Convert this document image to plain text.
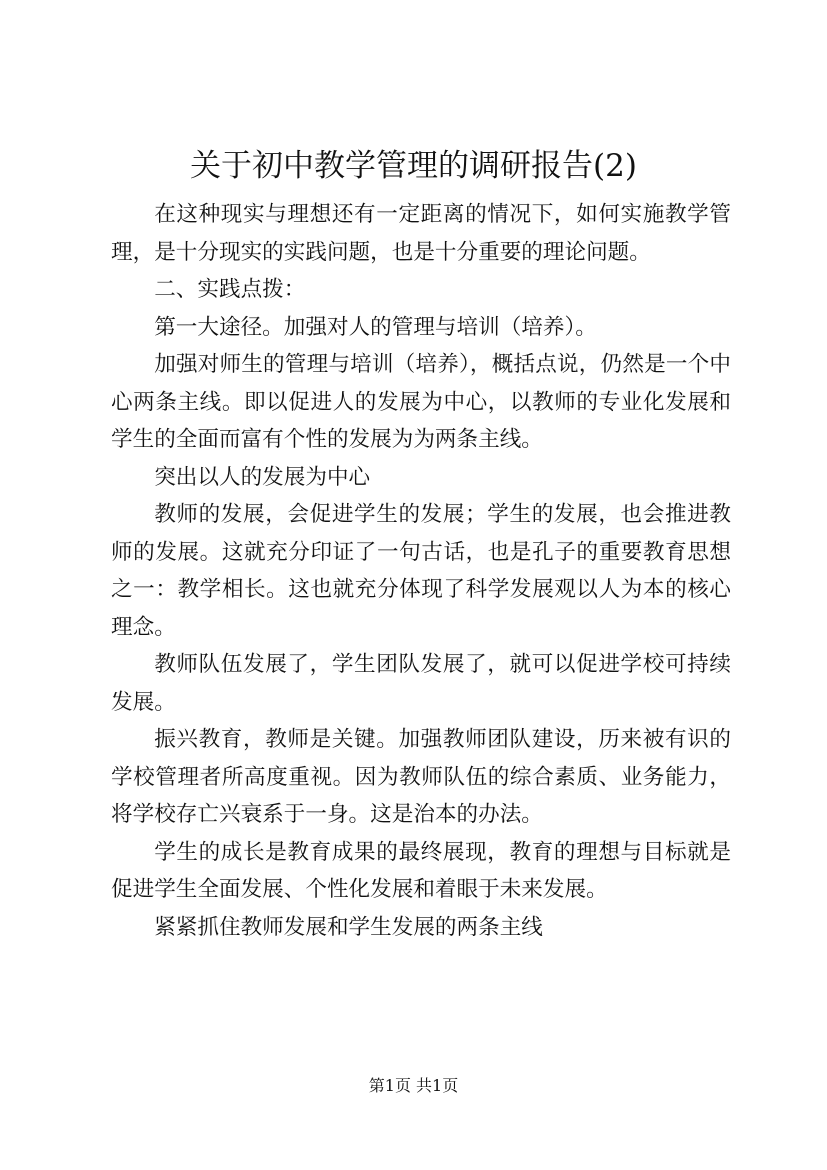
关于初中教学管理的调研报告(2)

在这种现实与理想还有一定距离的情况下，如何实施教学管理，是十分现实的实践问题，也是十分重要的理论问题。

二、实践点拨：

第一大途径。加强对人的管理与培训（培养）。

加强对师生的管理与培训（培养），概括点说，仍然是一个中心两条主线。即以促进人的发展为中心，以教师的专业化发展和学生的全面而富有个性的发展为为两条主线。

突出以人的发展为中心

教师的发展，会促进学生的发展；学生的发展，也会推进教师的发展。这就充分印证了一句古话，也是孔子的重要教育思想之一：教学相长。这也就充分体现了科学发展观以人为本的核心理念。

教师队伍发展了，学生团队发展了，就可以促进学校可持续发展。

振兴教育，教师是关键。加强教师团队建设，历来被有识的学校管理者所高度重视。因为教师队伍的综合素质、业务能力，将学校存亡兴衰系于一身。这是治本的办法。

学生的成长是教育成果的最终展现，教育的理想与目标就是促进学生全面发展、个性化发展和着眼于未来发展。

紧紧抓住教师发展和学生发展的两条主线

第1页 共1页
